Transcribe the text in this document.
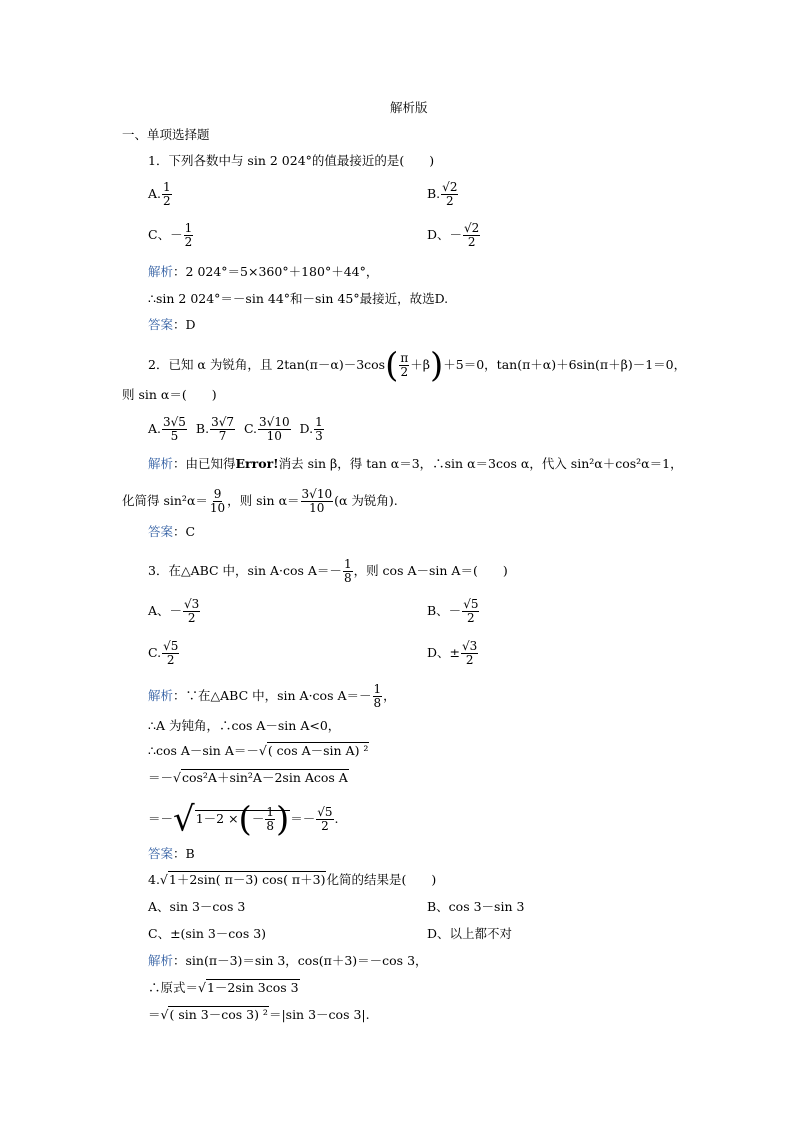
解析版
一、单项选择题
1．下列各数中与 sin 2 024°的值最接近的是(　　)
A. $\frac{1}{2}$	B. $\frac{√2}{2}$
C、－ $\frac{1}{2}$	D、－ $\frac{√2}{2}$
解析：2 024°＝5×360°＋180°＋44°，
∴sin 2 024°＝－sin 44°和－sin 45°最接近，故选D.
答案：D
2．已知 α 为锐角，且 $2\tan(\pi-\alpha)-3\cos( \frac{\pi}{2} +\beta)+5=0$，tan(π＋α)＋6sin(π＋β)－1＝0，
则 sin α＝(　　)
A. $\frac{3√5}{5} B$. $\frac{3√7}{7} C$. $\frac{3√10}{10} D$. $\frac{1}{3}$
解析：由已知得Error!消去 sin β，得 tan α＝3，∴sin α＝3cos α，代入 sin²α＋cos²α＝1，
化简得 $\sin^2\alpha= \frac{9}{10}$ ，则 $\sin \alpha= \frac{3√10}{10} (\alpha$ 为锐角).
答案：C
3．在△ABC 中，sin A·cos $A=- \frac{1}{8}$ ，则 cos A－sin A＝(　　)
A、－ $\frac{√3}{2}$	B、－ $\frac{√5}{2}$
C. $\frac{√5}{2}$	D、± $\frac{√3}{2}$
解析：∵在△ABC 中，sin A·cos $A=- \frac{1}{8}$ ，
∴A 为钝角，∴cos A－sin A<0，
∴cos A－sin A＝－√( cos A－sin A) ²
＝－√cos²A＋sin²A－2sin Acos A
＝－√1－2 ×(－ $\frac{1}{8}$ )＝－ $\frac{√5}{2}$ .
答案：B
4.√1＋2sin( π－3) cos( π＋3)化简的结果是(　　)
A、sin 3－cos 3	B、cos 3－sin 3
C、±(sin 3－cos 3)	D、以上都不对
解析：sin(π－3)＝sin 3，cos(π＋3)＝－cos 3，
∴原式＝√1－2sin 3cos 3
＝√( sin 3－cos 3) ²＝|sin 3－cos 3|.
